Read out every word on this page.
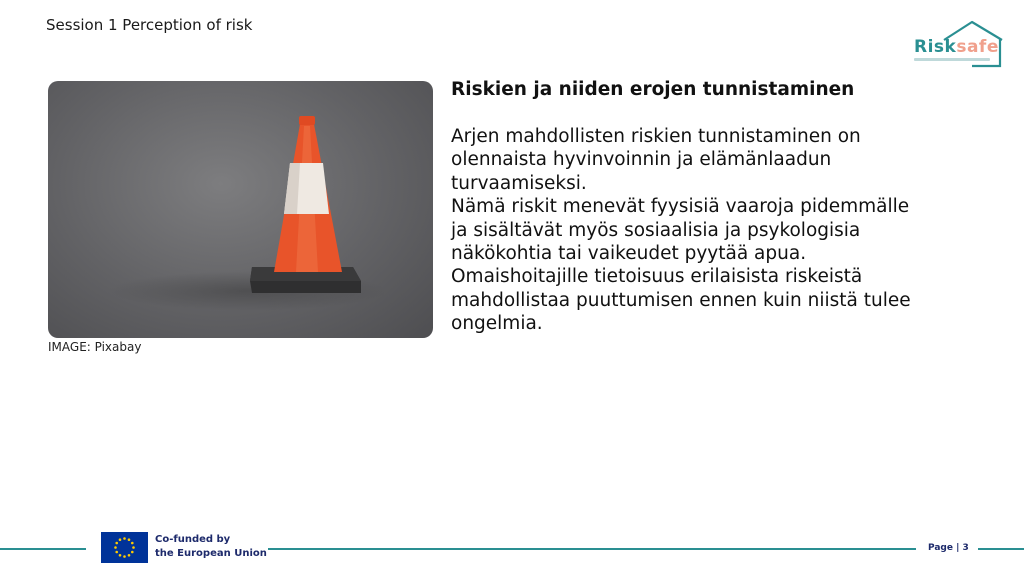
Session 1 Perception of risk
Risksafe
IMAGE: Pixabay
Riskien ja niiden erojen tunnistaminen
Arjen mahdollisten riskien tunnistaminen on
olennaista hyvinvoinnin ja elämänlaadun
turvaamiseksi.
Nämä riskit menevät fyysisiä vaaroja pidemmälle
ja sisältävät myös sosiaalisia ja psykologisia
näkökohtia tai vaikeudet pyytää apua.
Omaishoitajille tietoisuus erilaisista riskeistä
mahdollistaa puuttumisen ennen kuin niistä tulee
ongelmia.
Co-funded by
the European Union	Page | 3
